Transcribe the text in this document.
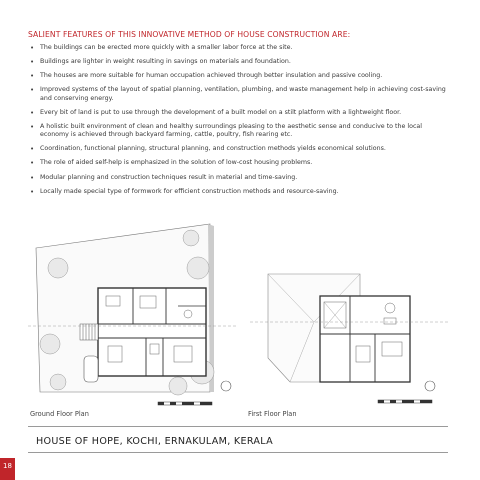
SALIENT FEATURES OF THIS INNOVATIVE METHOD OF HOUSE CONSTRUCTION ARE:
• The buildings can be erected more quickly with a smaller labor force at the site.
• Buildings are lighter in weight resulting in savings on materials and foundation.
• The houses are more suitable for human occupation achieved through better insulation and passive cooling.
• Improved systems of the layout of spatial planning, ventilation, plumbing, and waste management help in achieving cost-saving and conserving energy.
• Every bit of land is put to use through the development of a built model on a stilt platform with a lightweight floor.
• A holistic built environment of clean and healthy surroundings pleasing to the aesthetic sense and conducive to the local economy is achieved through backyard farming, cattle, poultry, fish rearing etc.
• Coordination, functional planning, structural planning, and construction methods yields economical solutions.
• The role of aided self-help is emphasized in the solution of low-cost housing problems.
• Modular planning and construction techniques result in material and time-saving.
• Locally made special type of formwork for efficient construction methods and resource-saving.
Ground Floor Plan	First Floor Plan
HOUSE OF HOPE, KOCHI, ERNAKULAM, KERALA
18
